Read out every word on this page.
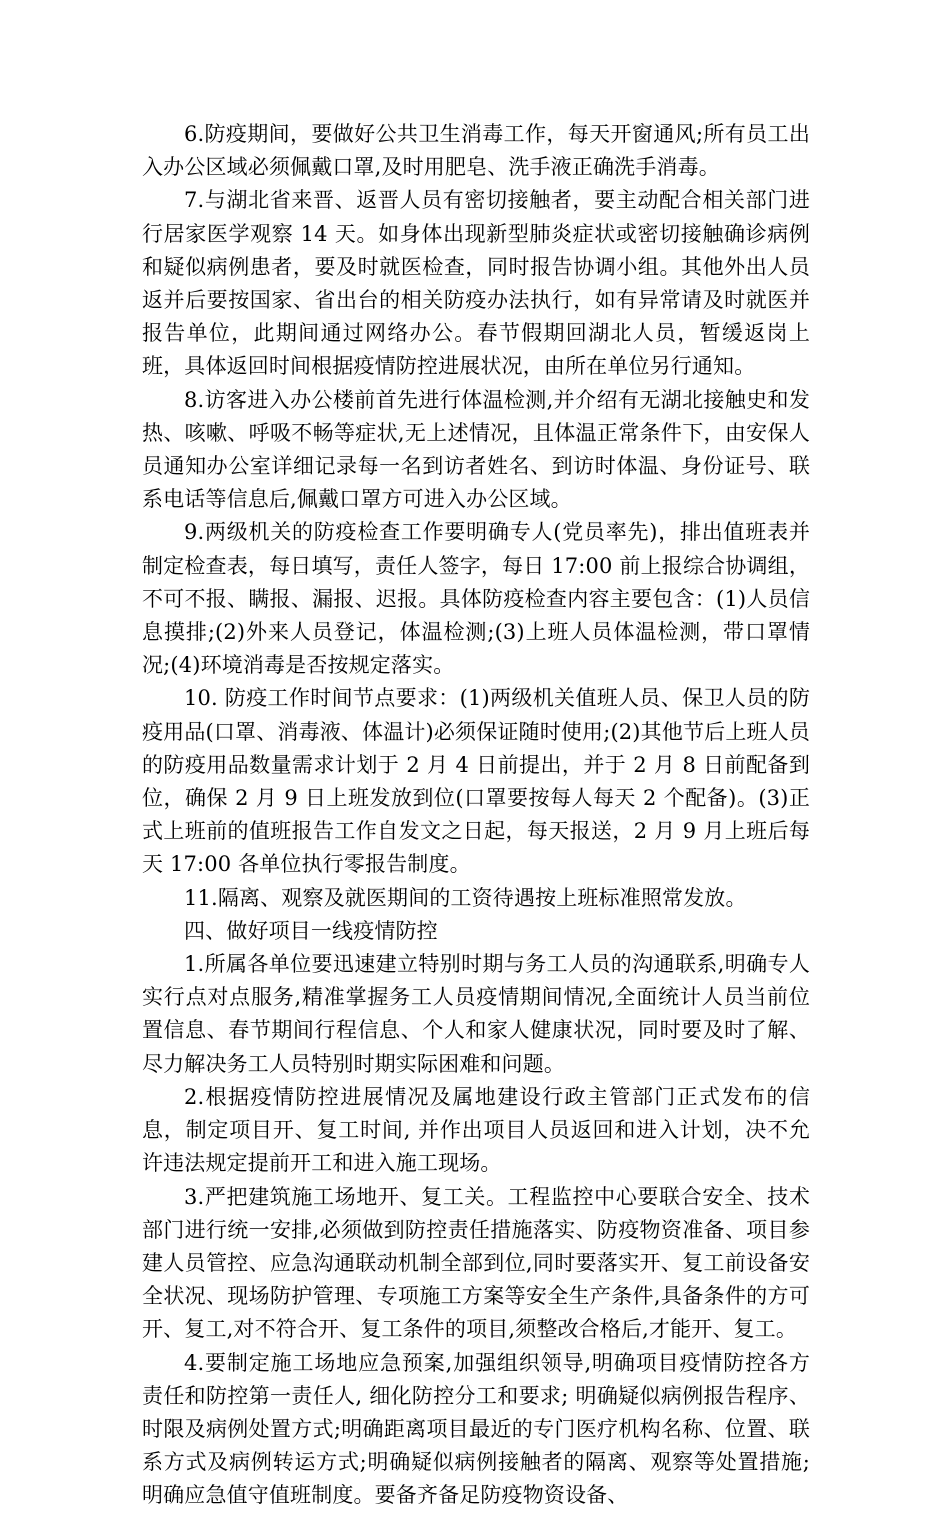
6.防疫期间，要做好公共卫生消毒工作，每天开窗通风;所有员工出入办公区域必须佩戴口罩,及时用肥皂、洗手液正确洗手消毒。

7.与湖北省来晋、返晋人员有密切接触者，要主动配合相关部门进行居家医学观察 14 天。如身体出现新型肺炎症状或密切接触确诊病例和疑似病例患者，要及时就医检查，同时报告协调小组。其他外出人员返并后要按国家、省出台的相关防疫办法执行，如有异常请及时就医并报告单位，此期间通过网络办公。春节假期回湖北人员，暂缓返岗上班，具体返回时间根据疫情防控进展状况，由所在单位另行通知。

8.访客进入办公楼前首先进行体温检测,并介绍有无湖北接触史和发热、咳嗽、呼吸不畅等症状,无上述情况，且体温正常条件下，由安保人员通知办公室详细记录每一名到访者姓名、到访时体温、身份证号、联系电话等信息后,佩戴口罩方可进入办公区域。

9.两级机关的防疫检查工作要明确专人(党员率先)，排出值班表并制定检查表，每日填写，责任人签字，每日 17:00 前上报综合协调组，不可不报、瞒报、漏报、迟报。具体防疫检查内容主要包含：(1)人员信息摸排;(2)外来人员登记，体温检测;(3)上班人员体温检测，带口罩情况;(4)环境消毒是否按规定落实。

10. 防疫工作时间节点要求：(1)两级机关值班人员、保卫人员的防疫用品(口罩、消毒液、体温计)必须保证随时使用;(2)其他节后上班人员的防疫用品数量需求计划于 2 月 4 日前提出，并于 2 月 8 日前配备到位，确保 2 月 9 日上班发放到位(口罩要按每人每天 2 个配备)。(3)正式上班前的值班报告工作自发文之日起，每天报送，2 月 9 月上班后每天 17:00 各单位执行零报告制度。

11.隔离、观察及就医期间的工资待遇按上班标准照常发放。

四、做好项目一线疫情防控

1.所属各单位要迅速建立特别时期与务工人员的沟通联系,明确专人实行点对点服务,精准掌握务工人员疫情期间情况,全面统计人员当前位置信息、春节期间行程信息、个人和家人健康状况，同时要及时了解、尽力解决务工人员特别时期实际困难和问题。

2.根据疫情防控进展情况及属地建设行政主管部门正式发布的信息，制定项目开、复工时间, 并作出项目人员返回和进入计划，决不允许违法规定提前开工和进入施工现场。

3.严把建筑施工场地开、复工关。工程监控中心要联合安全、技术部门进行统一安排,必须做到防控责任措施落实、防疫物资准备、项目参建人员管控、应急沟通联动机制全部到位,同时要落实开、复工前设备安全状况、现场防护管理、专项施工方案等安全生产条件,具备条件的方可开、复工,对不符合开、复工条件的项目,须整改合格后,才能开、复工。

4.要制定施工场地应急预案,加强组织领导,明确项目疫情防控各方责任和防控第一责任人, 细化防控分工和要求; 明确疑似病例报告程序、时限及病例处置方式;明确距离项目最近的专门医疗机构名称、位置、联系方式及病例转运方式;明确疑似病例接触者的隔离、观察等处置措施;明确应急值守值班制度。要备齐备足防疫物资设备、
